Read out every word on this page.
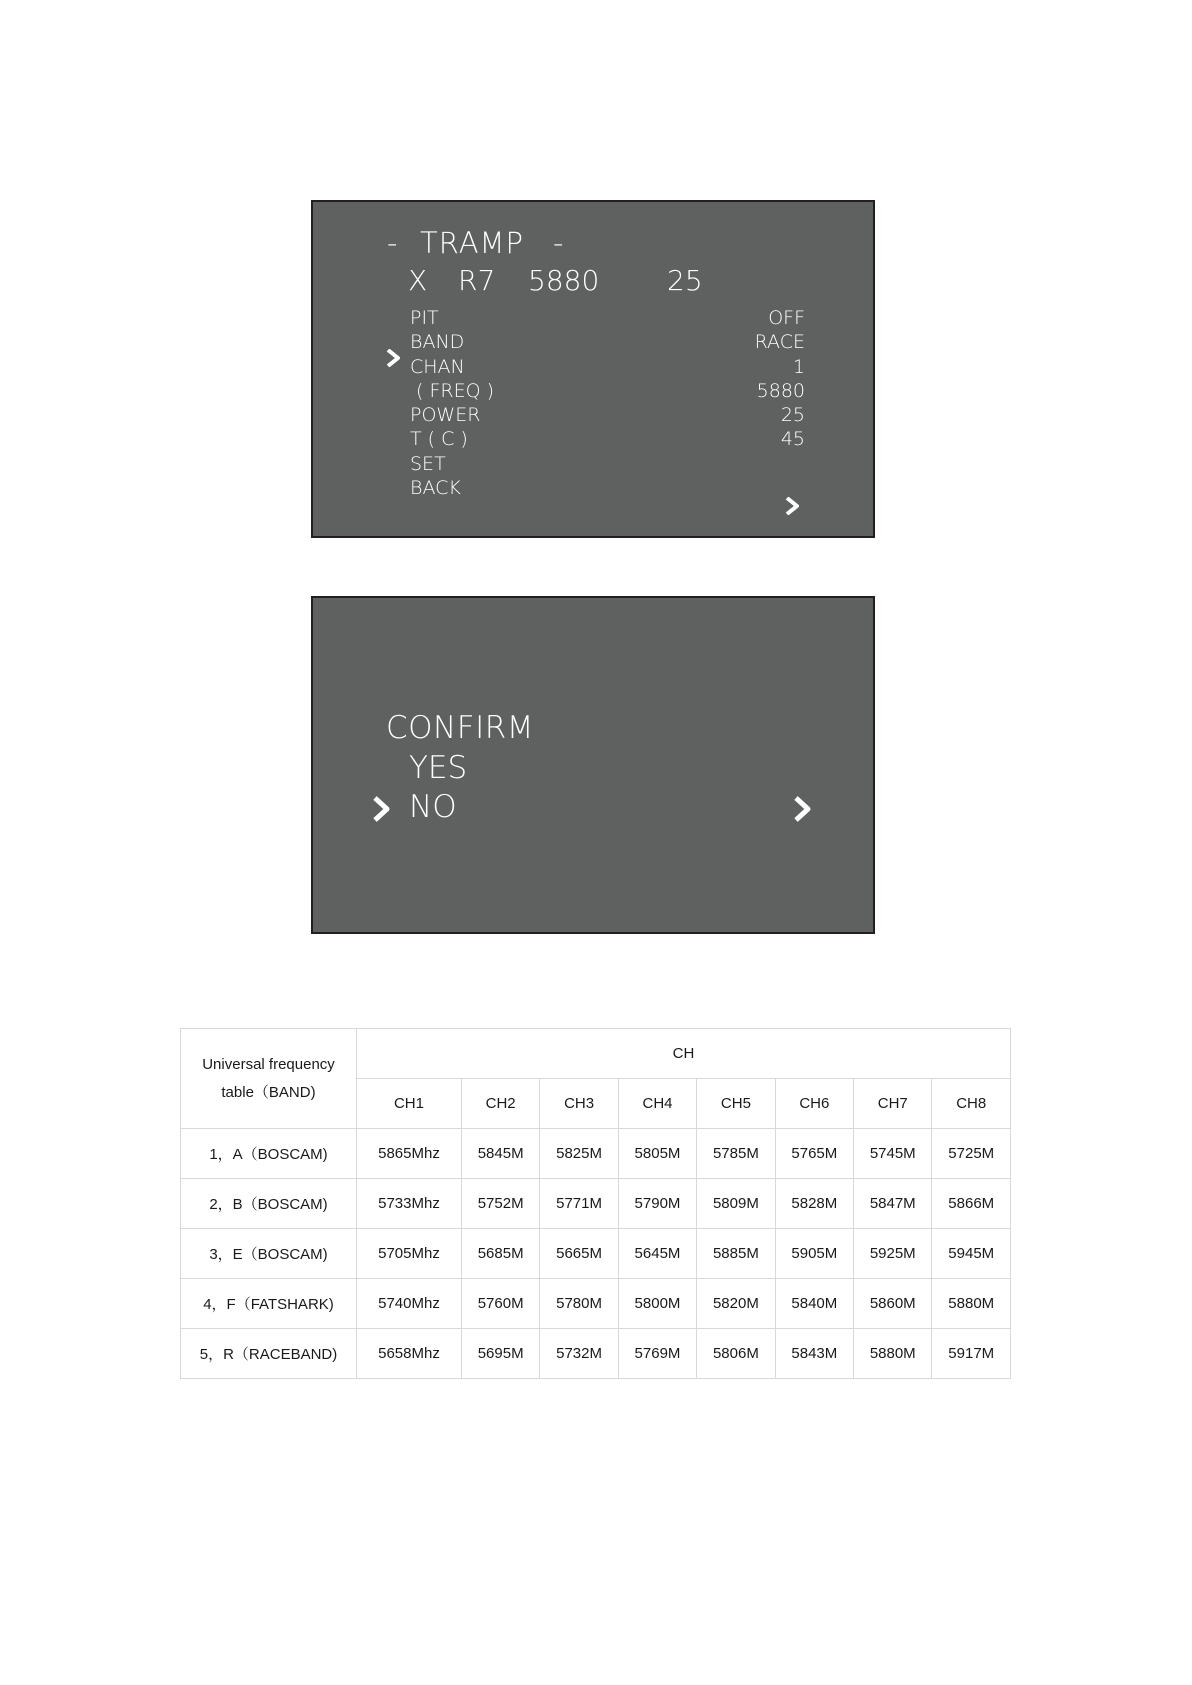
- TRAMP -
X R7 5880 25

PIT	OFF
BAND	RACE
CHAN	1
( FREQ )	5880
POWER	25
T ( C )	45
SET

BACK
CONFIRM

YES

NO
Universal frequency
table（BAND)	CH							
	CH1	CH2	CH3	CH4	CH5	CH6	CH7	CH8
1，A（BOSCAM)	5865Mhz	5845M	5825M	5805M	5785M	5765M	5745M	5725M
2，B（BOSCAM)	5733Mhz	5752M	5771M	5790M	5809M	5828M	5847M	5866M
3，E（BOSCAM)	5705Mhz	5685M	5665M	5645M	5885M	5905M	5925M	5945M
4，F（FATSHARK)	5740Mhz	5760M	5780M	5800M	5820M	5840M	5860M	5880M
5，R（RACEBAND)	5658Mhz	5695M	5732M	5769M	5806M	5843M	5880M	5917M
